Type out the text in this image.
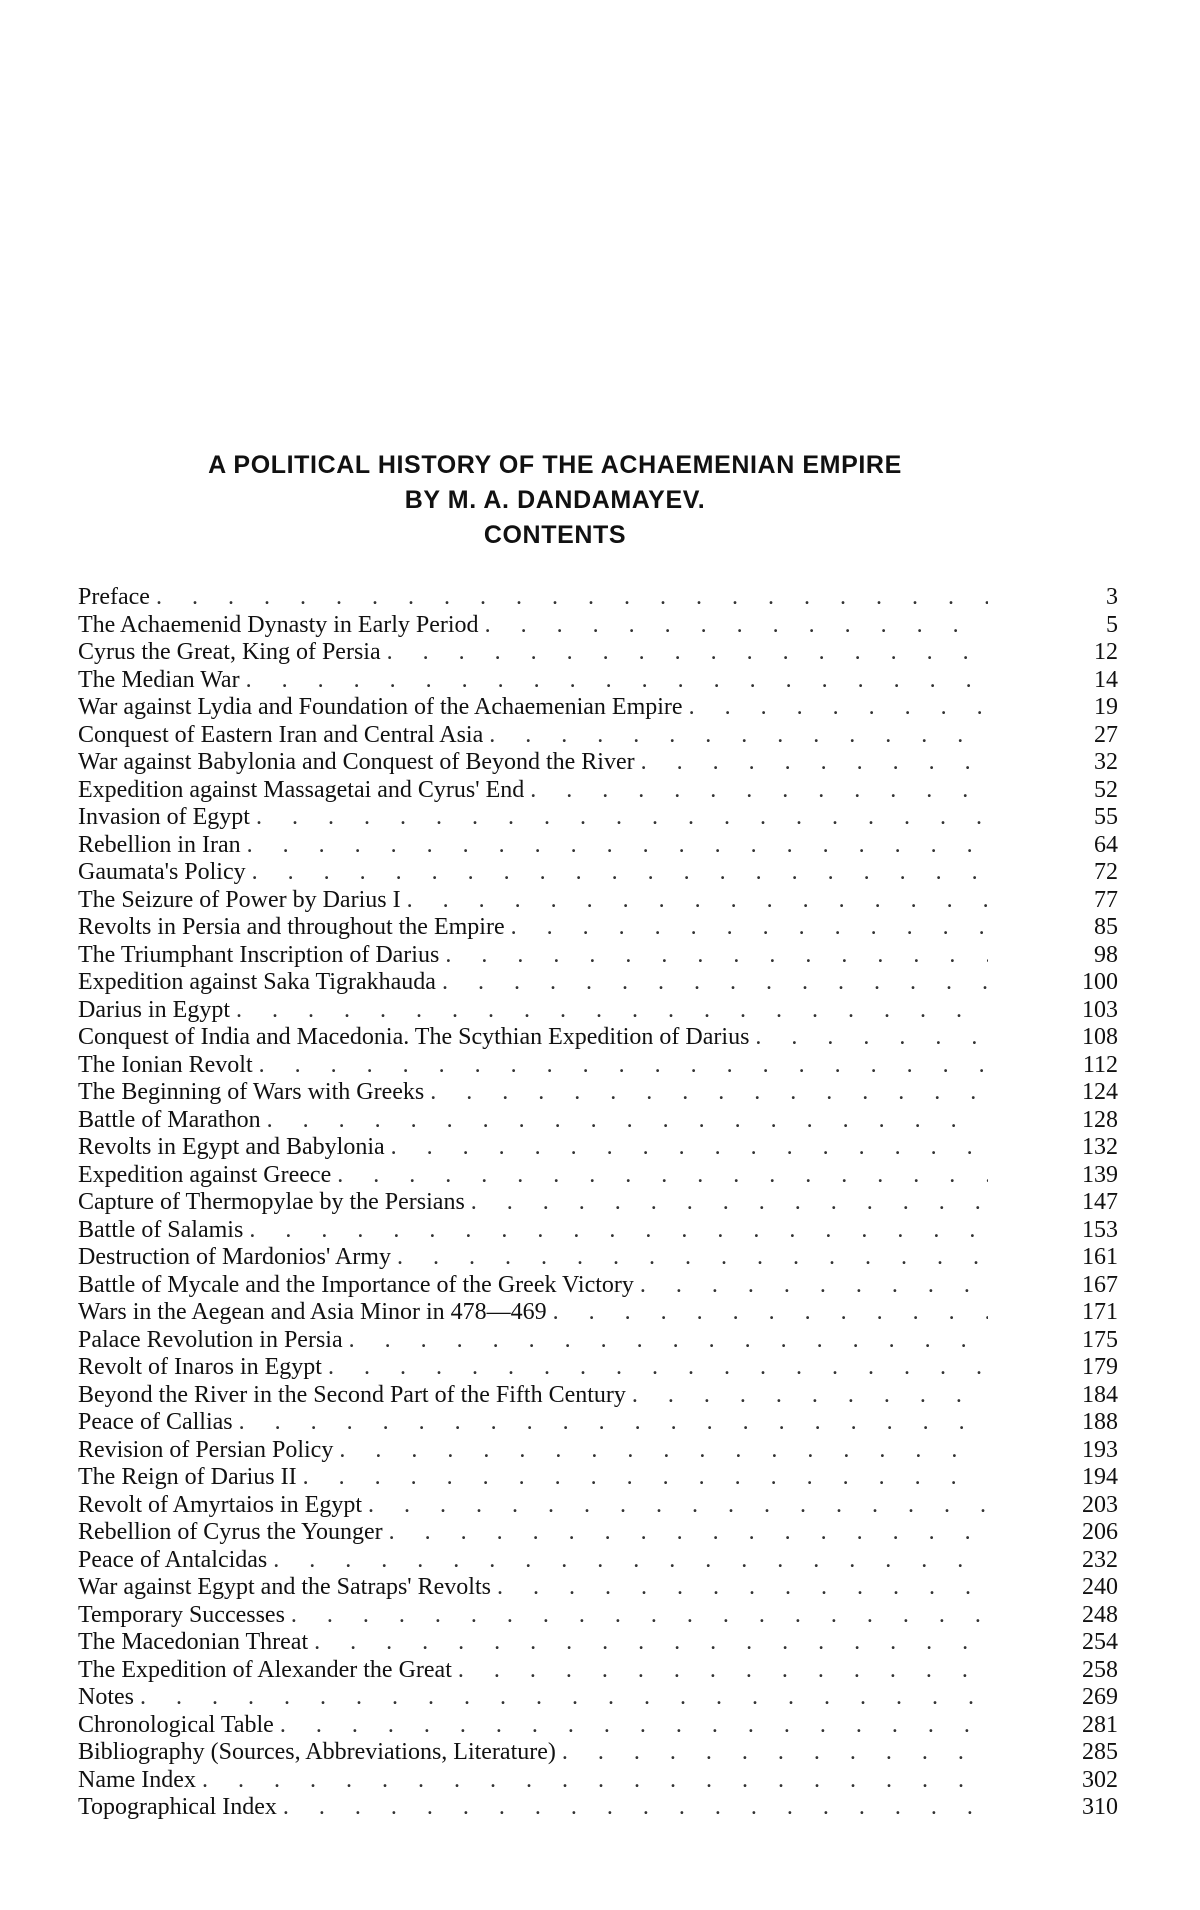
A POLITICAL HISTORY OF THE ACHAEMENIAN EMPIRE
BY M. A. DANDAMAYEV.
CONTENTS
Preface . . .	3
The Achaemenid Dynasty in Early Period . . .	5
Cyrus the Great, King of Persia . . .	12
The Median War . . .	14
War against Lydia and Foundation of the Achaemenian Empire . . .	19
Conquest of Eastern Iran and Central Asia . . .	27
War against Babylonia and Conquest of Beyond the River . . .	32
Expedition against Massagetai and Cyrus' End . . .	52
Invasion of Egypt . . .	55
Rebellion in Iran . . .	64
Gaumata's Policy . . .	72
The Seizure of Power by Darius I . . .	77
Revolts in Persia and throughout the Empire . . .	85
The Triumphant Inscription of Darius . . .	98
Expedition against Saka Tigrakhauda . . .	100
Darius in Egypt . . .	103
Conquest of India and Macedonia. The Scythian Expedition of Darius . . .	108
The Ionian Revolt . . .	112
The Beginning of Wars with Greeks . . .	124
Battle of Marathon . . .	128
Revolts in Egypt and Babylonia . . .	132
Expedition against Greece . . .	139
Capture of Thermopylae by the Persians . . .	147
Battle of Salamis . . .	153
Destruction of Mardonios' Army . . .	161
Battle of Mycale and the Importance of the Greek Victory . . .	167
Wars in the Aegean and Asia Minor in 478—469 . . .	171
Palace Revolution in Persia . . .	175
Revolt of Inaros in Egypt . . .	179
Beyond the River in the Second Part of the Fifth Century . . .	184
Peace of Callias . . .	188
Revision of Persian Policy . . .	193
The Reign of Darius II . . .	194
Revolt of Amyrtaios in Egypt . . .	203
Rebellion of Cyrus the Younger . . .	206
Peace of Antalcidas . . .	232
War against Egypt and the Satraps' Revolts . . .	240
Temporary Successes . . .	248
The Macedonian Threat . . .	254
The Expedition of Alexander the Great . . .	258
Notes . . .	269
Chronological Table . . .	281
Bibliography (Sources, Abbreviations, Literature) . . .	285
Name Index . . .	302
Topographical Index . . .	310
